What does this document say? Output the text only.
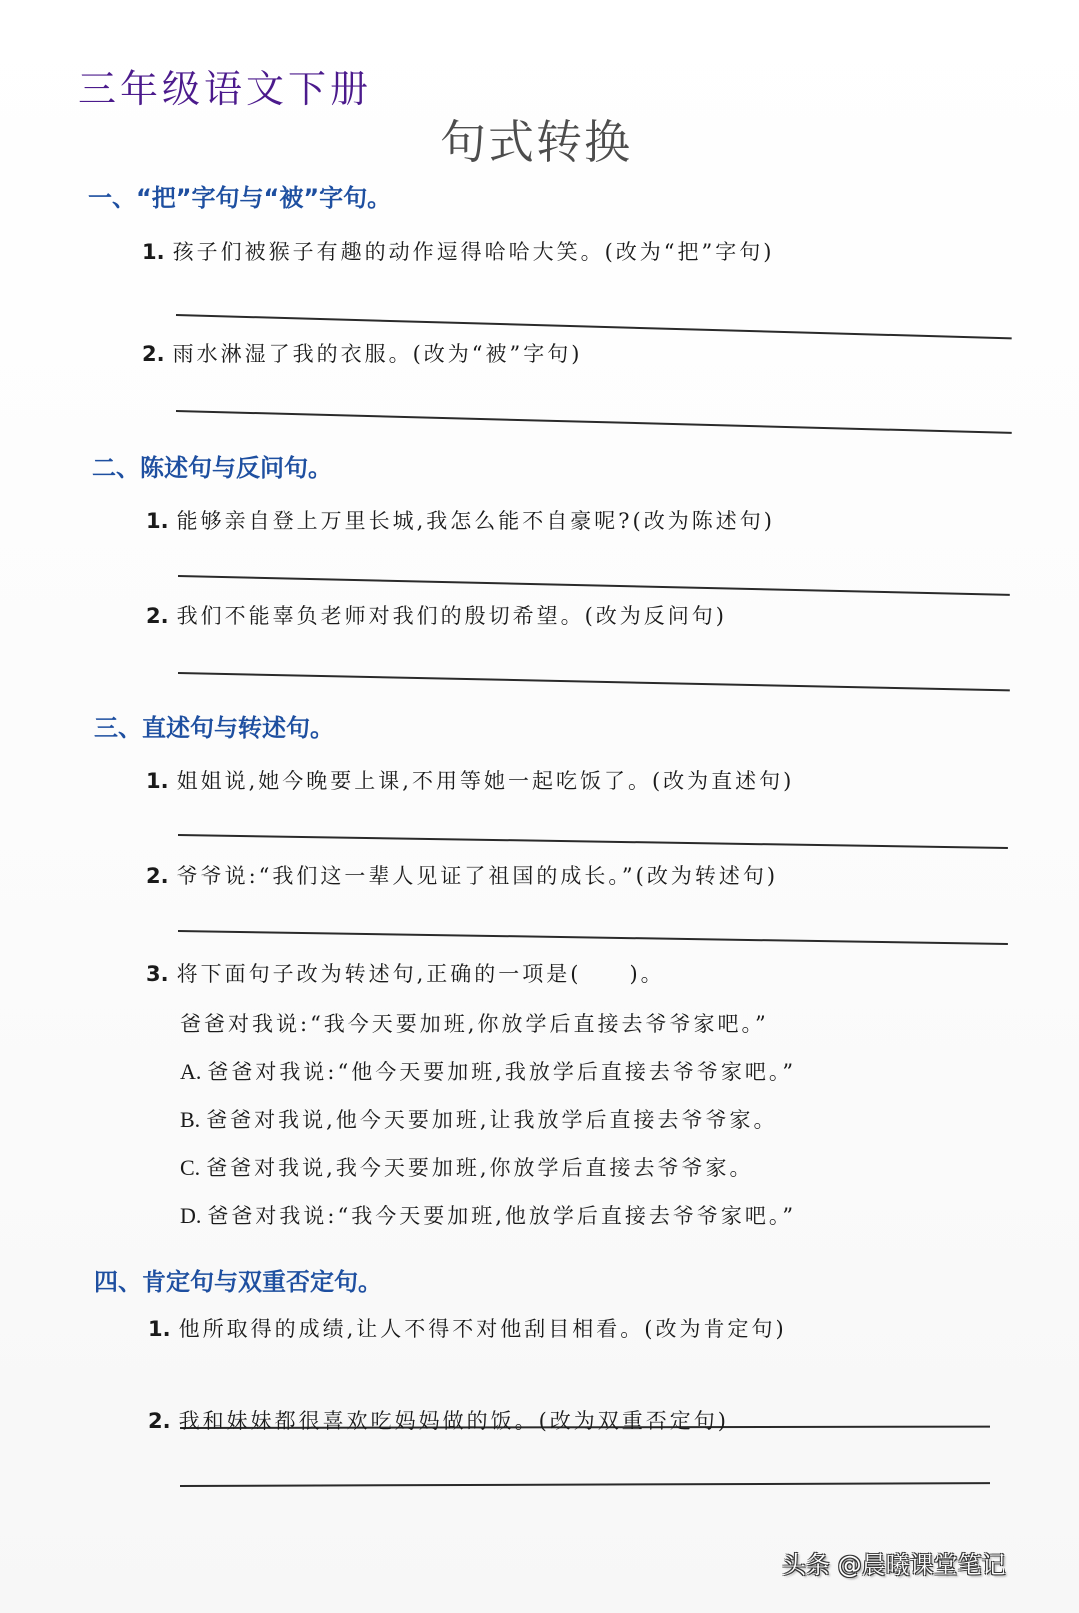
三年级语文下册
句式转换
一、“把”字句与“被”字句。
1. 孩子们被猴子有趣的动作逗得哈哈大笑。(改为“把”字句)
2. 雨水淋湿了我的衣服。(改为“被”字句)
二、陈述句与反问句。
1. 能够亲自登上万里长城,我怎么能不自豪呢?(改为陈述句)
2. 我们不能辜负老师对我们的殷切希望。(改为反问句)
三、直述句与转述句。
1. 姐姐说,她今晚要上课,不用等她一起吃饭了。(改为直述句)
2. 爷爷说:“我们这一辈人见证了祖国的成长。”(改为转述句)
3. 将下面句子改为转述句,正确的一项是(　　)。
爸爸对我说:“我今天要加班,你放学后直接去爷爷家吧。”
A. 爸爸对我说:“他今天要加班,我放学后直接去爷爷家吧。”
B. 爸爸对我说,他今天要加班,让我放学后直接去爷爷家。
C. 爸爸对我说,我今天要加班,你放学后直接去爷爷家。
D. 爸爸对我说:“我今天要加班,他放学后直接去爷爷家吧。”
四、肯定句与双重否定句。
1. 他所取得的成绩,让人不得不对他刮目相看。(改为肯定句)
2. 我和妹妹都很喜欢吃妈妈做的饭。(改为双重否定句)
头条 @晨曦课堂笔记
